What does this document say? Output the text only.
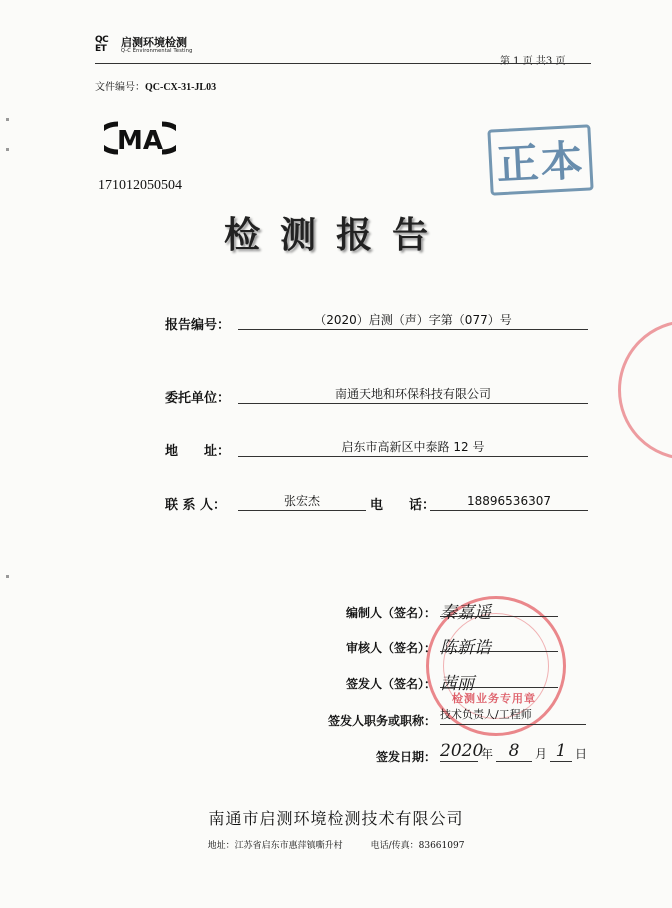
QC
ET	启测环境检测
Q-C Environmental Testing
第 1 页 共3 页
文件编号：QC-CX-31-JL03
MA
171012050504	正本
检测报告
报告编号：	（2020）启测（声）字第（077）号
委托单位：	南通天地和环保科技有限公司
地　　址：	启东市高新区中泰路 12 号
联 系 人：	张宏杰	电　　话：	18896536307
检测业务专用章
编制人（签名）： 秦嘉遥
审核人（签名）： 陈新诰
签发人（签名）： 茜丽
签发人职务或职称： 技术负责人/工程师
签发日期： 2020
年 8	月 1 日
南通市启测环境检测技术有限公司
地址：江苏省启东市惠萍镇嘶升村	电话/传真：83661097
